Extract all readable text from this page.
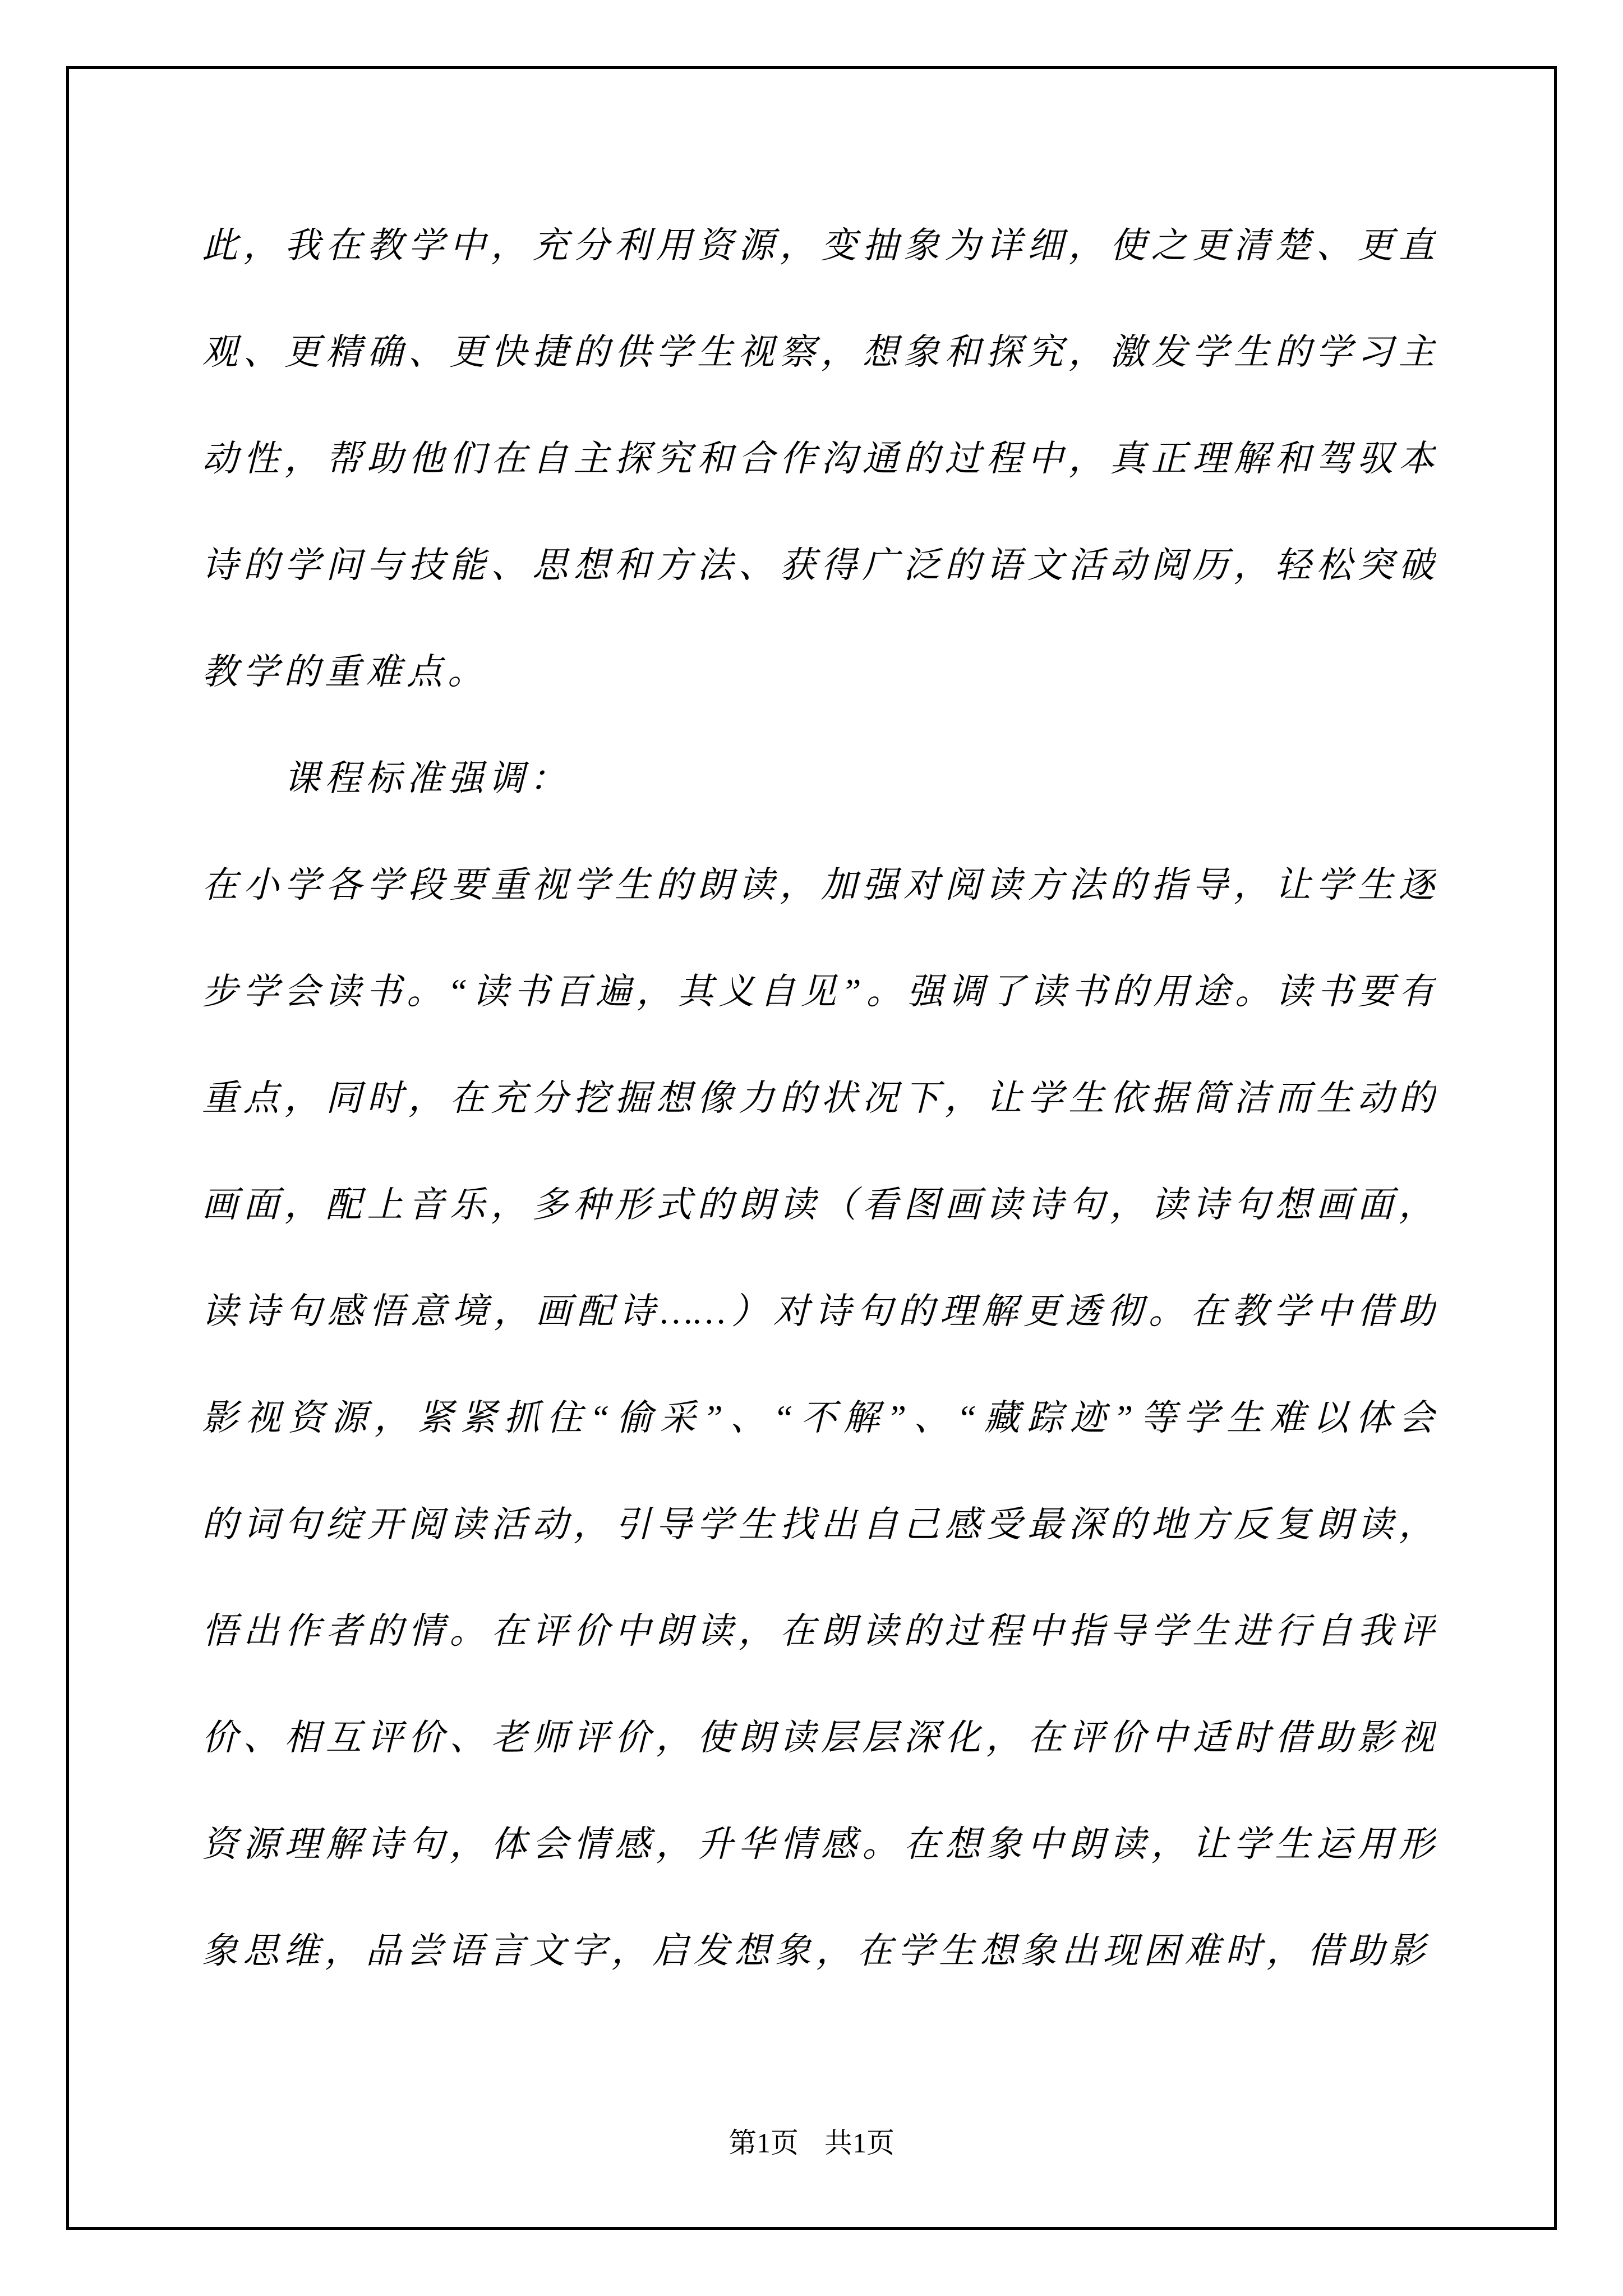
此，我在教学中，充分利用资源，变抽象为详细，使之更清楚、更直
观、更精确、更快捷的供学生视察，想象和探究，激发学生的学习主
动性，帮助他们在自主探究和合作沟通的过程中，真正理解和驾驭本
诗的学问与技能、思想和方法、获得广泛的语文活动阅历，轻松突破
教学的重难点。
课程标准强调：
在小学各学段要重视学生的朗读，加强对阅读方法的指导，让学生逐
步学会读书。“读书百遍，其义自见”。强调了读书的用途。读书要有
重点，同时，在充分挖掘想像力的状况下，让学生依据简洁而生动的
画面，配上音乐，多种形式的朗读（看图画读诗句，读诗句想画面，
读诗句感悟意境，画配诗……）对诗句的理解更透彻。在教学中借助
影视资源，紧紧抓住“偷采”、“不解”、“藏踪迹”等学生难以体会
的词句绽开阅读活动，引导学生找出自己感受最深的地方反复朗读，
悟出作者的情。在评价中朗读，在朗读的过程中指导学生进行自我评
价、相互评价、老师评价，使朗读层层深化，在评价中适时借助影视
资源理解诗句，体会情感，升华情感。在想象中朗读，让学生运用形
象思维，品尝语言文字，启发想象，在学生想象出现困难时，借助影
第1页 共1页
